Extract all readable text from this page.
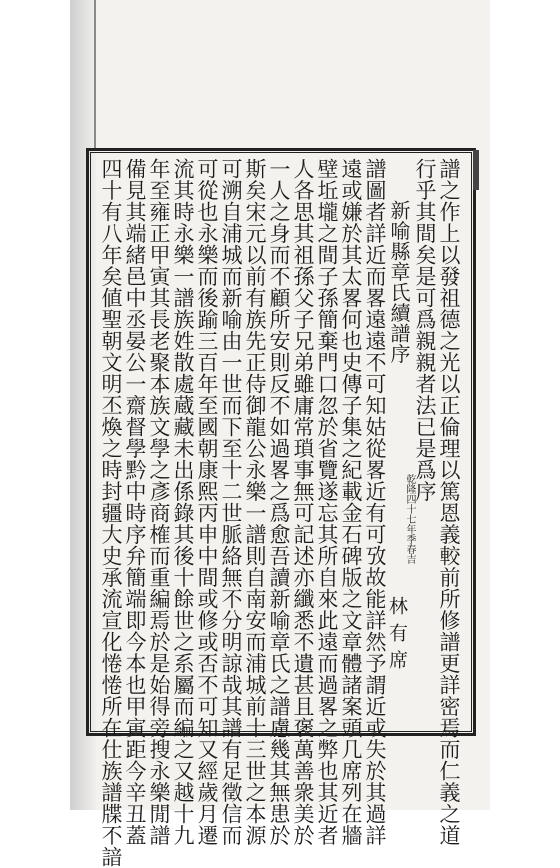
譜之作上以發祖德之光以正倫理以篤恩義較前所修譜更詳密焉而仁義之道
行乎其間矣是可爲親親者法已是爲序
乾隆四十七年季春吉
新喻縣章氏續譜序
林有席
譜圖者詳近而畧遠遠不可知姑從畧近有可攷故能詳然予謂近或失於其過詳
遠或嫌於其太畧何也史傳子集之紀載金石碑版之文章體諸案頭几席列在牆
壁坵壠之間子孫簡棄門口忽於省覽遂忘其所自來此遠而過畧之弊也其近者
人各思其祖孫父子兄弟雖庸常瑣事無可記述亦纖悉不遺甚且褒萬善衆美於
一人之身而不顧所安則反不如過畧之爲愈吾讀新喻章氏之譜慮幾其無患於
斯矣宋元以前有族先正侍御龍公永樂一譜則自南安而浦城前十三世之本源
可溯自浦城而新喻由一世而下至十二世脈絡無不分明諒哉其譜有足徵信而
可從也永樂而後踰三百年至國朝康熙丙申中間或修或否不可知又經歲月遷
流其時永樂一譜族姓散處蔵藏未出係錄其後十餘世之系屬而編之又越十九
年至雍正甲寅其長老聚本族文學之彥商榷而重編焉於是始得旁搜永樂閒譜
備見其端緒邑中丞晏公一齋督學黔中時序弁簡端即今本也甲寅距今辛丑蓋
四十有八年矣値聖朝文明丕煥之時封疆大史承流宣化惓惓所在仕族譜牒不諳
